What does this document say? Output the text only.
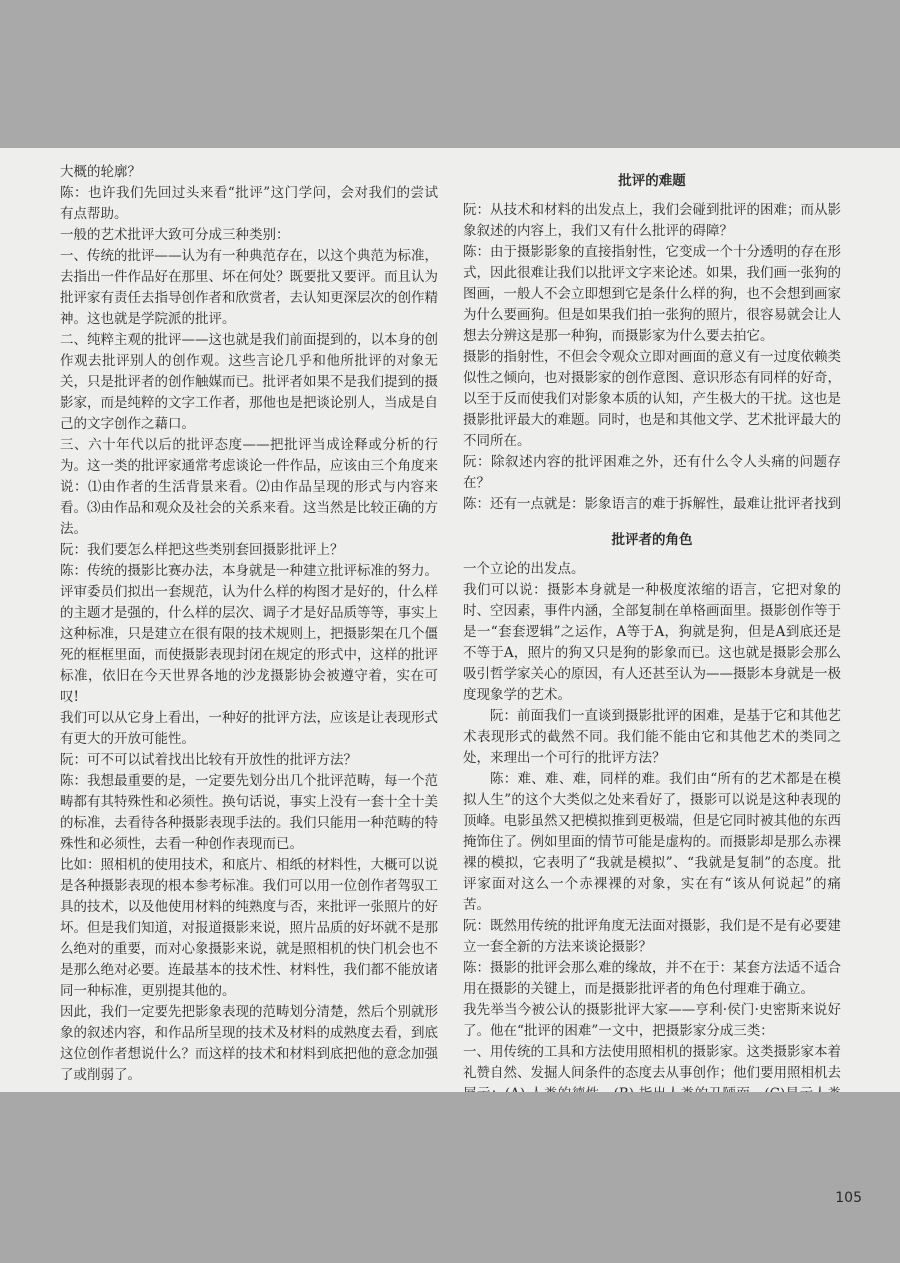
大概的轮廓？

陈：也许我们先回过头来看“批评”这门学问，会对我们的尝试有点帮助。

一般的艺术批评大致可分成三种类别：

一、传统的批评——认为有一种典范存在，以这个典范为标准，去指出一件作品好在那里、坏在何处？既要批又要评。而且认为批评家有责任去指导创作者和欣赏者，去认知更深层次的创作精神。这也就是学院派的批评。

二、纯粹主观的批评——这也就是我们前面提到的，以本身的创作观去批评别人的创作观。这些言论几乎和他所批评的对象无关，只是批评者的创作触媒而已。批评者如果不是我们提到的摄影家，而是纯粹的文字工作者，那他也是把谈论别人，当成是自己的文字创作之藉口。

三、六十年代以后的批评态度——把批评当成诠释或分析的行为。这一类的批评家通常考虑谈论一件作品，应该由三个角度来说：⑴由作者的生活背景来看。⑵由作品呈现的形式与内容来看。⑶由作品和观众及社会的关系来看。这当然是比较正确的方法。

阮：我们要怎么样把这些类别套回摄影批评上？

陈：传统的摄影比赛办法，本身就是一种建立批评标准的努力。评审委员们拟出一套规范，认为什么样的构图才是好的，什么样的主题才是强的，什么样的层次、调子才是好品质等等，事实上这种标准，只是建立在很有限的技术规则上，把摄影架在几个僵死的框框里面，而使摄影表现封闭在规定的形式中，这样的批评标准，依旧在今天世界各地的沙龙摄影协会被遵守着，实在可叹!

我们可以从它身上看出，一种好的批评方法，应该是让表现形式有更大的开放可能性。

阮：可不可以试着找出比较有开放性的批评方法？

陈：我想最重要的是，一定要先划分出几个批评范畴，每一个范畴都有其特殊性和必须性。换句话说，事实上没有一套十全十美的标准，去看待各种摄影表现手法的。我们只能用一种范畴的特殊性和必须性，去看一种创作表现而已。

比如：照相机的使用技术，和底片、相纸的材料性，大概可以说是各种摄影表现的根本参考标准。我们可以用一位创作者驾驭工具的技术，以及他使用材料的纯熟度与否，来批评一张照片的好坏。但是我们知道，对报道摄影来说，照片品质的好坏就不是那么绝对的重要，而对心象摄影来说，就是照相机的快门机会也不是那么绝对必要。连最基本的技术性、材料性，我们都不能放诸同一种标准，更别提其他的。

因此，我们一定要先把影象表现的范畴划分清楚，然后个别就形象的叙述内容，和作品所呈现的技术及材料的成熟度去看，到底这位创作者想说什么？而这样的技术和材料到底把他的意念加强了或削弱了。

批评的难题

阮：从技术和材料的出发点上，我们会碰到批评的困难；而从影象叙述的内容上，我们又有什么批评的碍障？

陈：由于摄影影象的直接指射性，它变成一个十分透明的存在形式，因此很难让我们以批评文字来论述。如果，我们画一张狗的图画，一般人不会立即想到它是条什么样的狗，也不会想到画家为什么要画狗。但是如果我们拍一张狗的照片，很容易就会让人想去分辨这是那一种狗，而摄影家为什么要去拍它。

摄影的指射性，不但会令观众立即对画面的意义有一过度依赖类似性之倾向，也对摄影家的创作意图、意识形态有同样的好奇，以至于反而使我们对影象本质的认知，产生极大的干扰。这也是摄影批评最大的难题。同时，也是和其他文学、艺术批评最大的不同所在。

阮：除叙述内容的批评困难之外，还有什么令人头痛的问题存在？

陈：还有一点就是：影象语言的难于拆解性，最难让批评者找到

批评者的角色

一个立论的出发点。

我们可以说：摄影本身就是一种极度浓缩的语言，它把对象的时、空因素，事件内涵，全部复制在单格画面里。摄影创作等于是一“套套逻辑”之运作，A等于A，狗就是狗，但是A到底还是不等于A，照片的狗又只是狗的影象而已。这也就是摄影会那么吸引哲学家关心的原因，有人还甚至认为——摄影本身就是一极度现象学的艺术。

阮：前面我们一直谈到摄影批评的困难，是基于它和其他艺术表现形式的截然不同。我们能不能由它和其他艺术的类同之处，来理出一个可行的批评方法？

陈：难、难、难，同样的难。我们由“所有的艺术都是在模拟人生”的这个大类似之处来看好了，摄影可以说是这种表现的顶峰。电影虽然又把模拟推到更极端，但是它同时被其他的东西掩饰住了。例如里面的情节可能是虚构的。而摄影却是那么赤裸裸的模拟，它表明了“我就是模拟”、“我就是复制”的态度。批评家面对这么一个赤裸裸的对象，实在有“该从何说起”的痛苦。

阮：既然用传统的批评角度无法面对摄影，我们是不是有必要建立一套全新的方法来谈论摄影？

陈：摄影的批评会那么难的缘故，并不在于：某套方法适不适合用在摄影的关键上，而是摄影批评者的角色付理难于确立。

我先举当今被公认的摄影批评大家——亨利·侯门·史密斯来说好了。他在“批评的困难”一文中，把摄影家分成三类：

一、用传统的工具和方法使用照相机的摄影家。这类摄影家本着礼赞自然、发掘人间条件的态度去从事创作；他们要用照相机去

105
